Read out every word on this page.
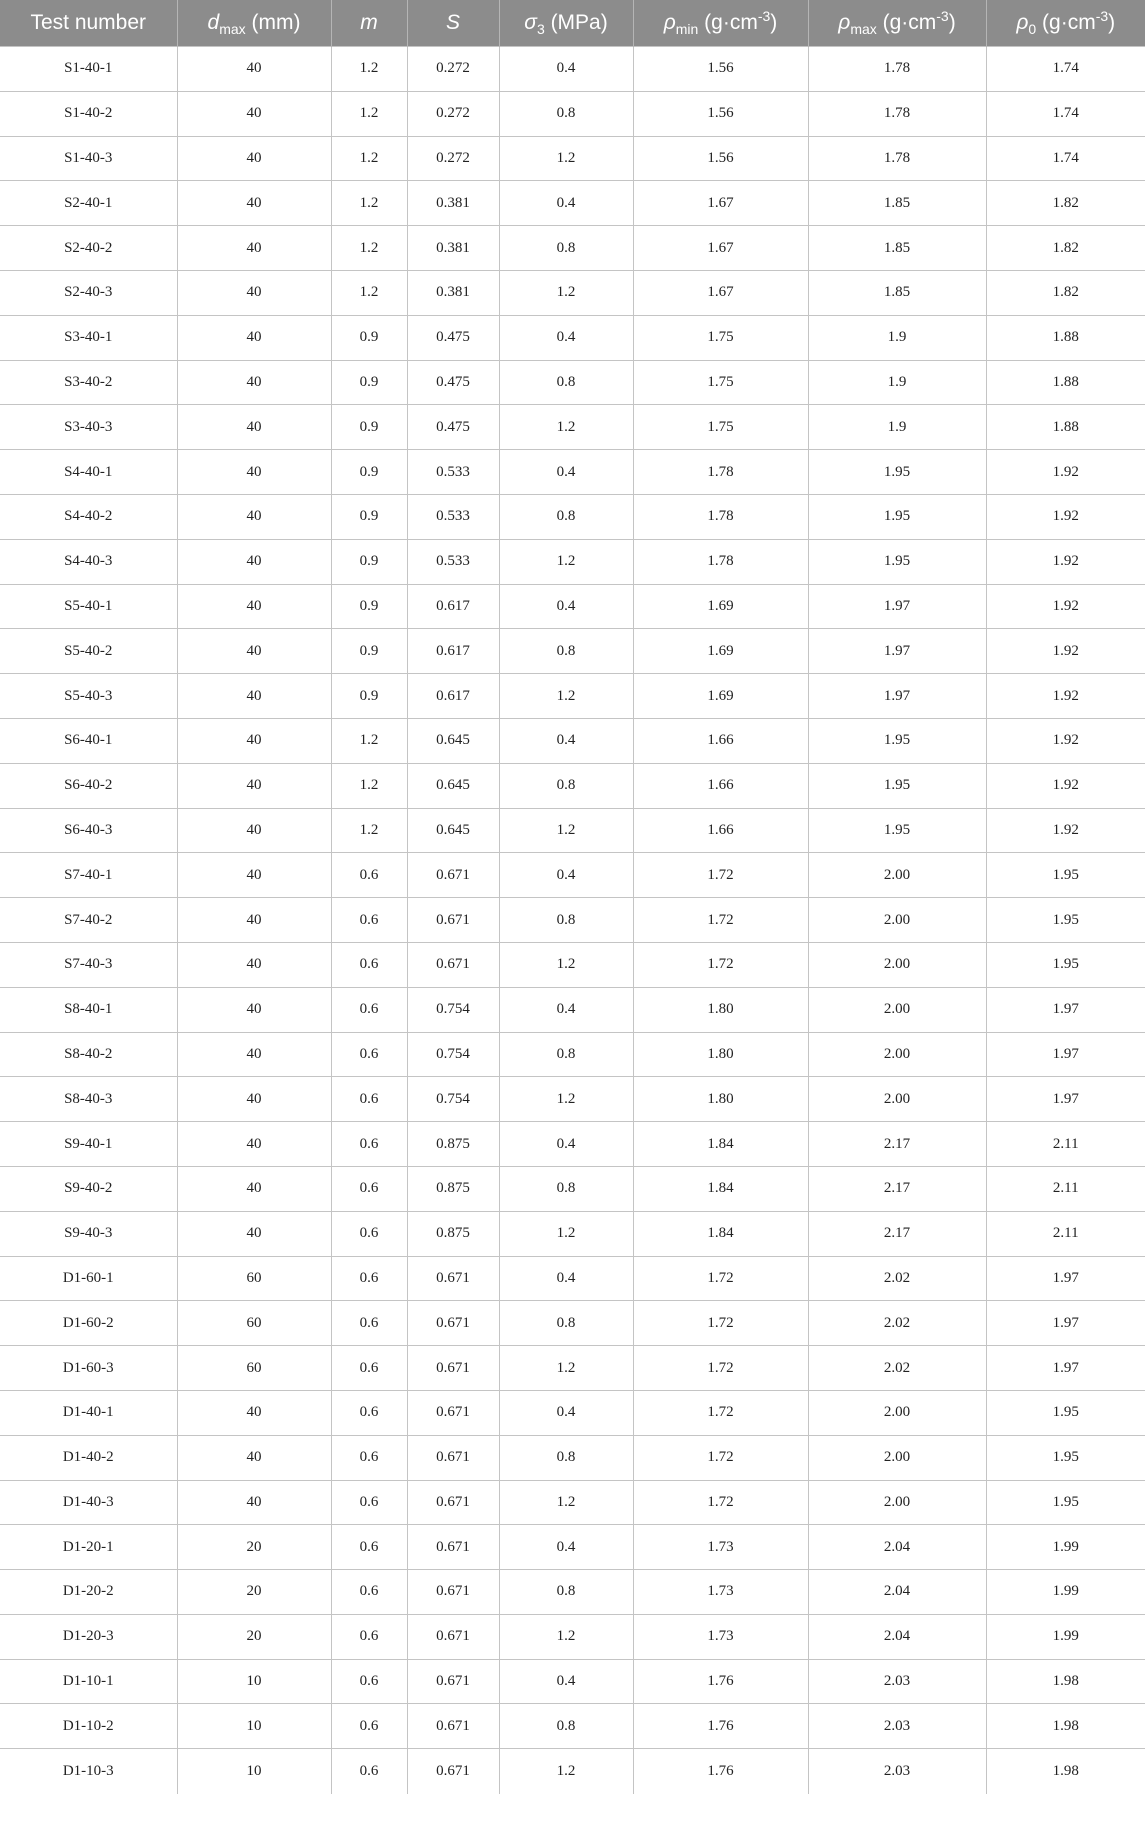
Test number	$d_{max}$ (mm)	m	S	$\sigma_3$ (MPa)	$\rho_{min}$ $(g\cdot cm^{-3})$	$\rho_{max}$ $(g\cdot cm^{-3})$	$\rho_0$ $(g\cdot cm^{-3})$
S1-40-1	40	1.2	0.272	0.4	1.56	1.78	1.74
S1-40-2	40	1.2	0.272	0.8	1.56	1.78	1.74
S1-40-3	40	1.2	0.272	1.2	1.56	1.78	1.74
S2-40-1	40	1.2	0.381	0.4	1.67	1.85	1.82
S2-40-2	40	1.2	0.381	0.8	1.67	1.85	1.82
S2-40-3	40	1.2	0.381	1.2	1.67	1.85	1.82
S3-40-1	40	0.9	0.475	0.4	1.75	1.9	1.88
S3-40-2	40	0.9	0.475	0.8	1.75	1.9	1.88
S3-40-3	40	0.9	0.475	1.2	1.75	1.9	1.88
S4-40-1	40	0.9	0.533	0.4	1.78	1.95	1.92
S4-40-2	40	0.9	0.533	0.8	1.78	1.95	1.92
S4-40-3	40	0.9	0.533	1.2	1.78	1.95	1.92
S5-40-1	40	0.9	0.617	0.4	1.69	1.97	1.92
S5-40-2	40	0.9	0.617	0.8	1.69	1.97	1.92
S5-40-3	40	0.9	0.617	1.2	1.69	1.97	1.92
S6-40-1	40	1.2	0.645	0.4	1.66	1.95	1.92
S6-40-2	40	1.2	0.645	0.8	1.66	1.95	1.92
S6-40-3	40	1.2	0.645	1.2	1.66	1.95	1.92
S7-40-1	40	0.6	0.671	0.4	1.72	2.00	1.95
S7-40-2	40	0.6	0.671	0.8	1.72	2.00	1.95
S7-40-3	40	0.6	0.671	1.2	1.72	2.00	1.95
S8-40-1	40	0.6	0.754	0.4	1.80	2.00	1.97
S8-40-2	40	0.6	0.754	0.8	1.80	2.00	1.97
S8-40-3	40	0.6	0.754	1.2	1.80	2.00	1.97
S9-40-1	40	0.6	0.875	0.4	1.84	2.17	2.11
S9-40-2	40	0.6	0.875	0.8	1.84	2.17	2.11
S9-40-3	40	0.6	0.875	1.2	1.84	2.17	2.11
D1-60-1	60	0.6	0.671	0.4	1.72	2.02	1.97
D1-60-2	60	0.6	0.671	0.8	1.72	2.02	1.97
D1-60-3	60	0.6	0.671	1.2	1.72	2.02	1.97
D1-40-1	40	0.6	0.671	0.4	1.72	2.00	1.95
D1-40-2	40	0.6	0.671	0.8	1.72	2.00	1.95
D1-40-3	40	0.6	0.671	1.2	1.72	2.00	1.95
D1-20-1	20	0.6	0.671	0.4	1.73	2.04	1.99
D1-20-2	20	0.6	0.671	0.8	1.73	2.04	1.99
D1-20-3	20	0.6	0.671	1.2	1.73	2.04	1.99
D1-10-1	10	0.6	0.671	0.4	1.76	2.03	1.98
D1-10-2	10	0.6	0.671	0.8	1.76	2.03	1.98
D1-10-3	10	0.6	0.671	1.2	1.76	2.03	1.98
